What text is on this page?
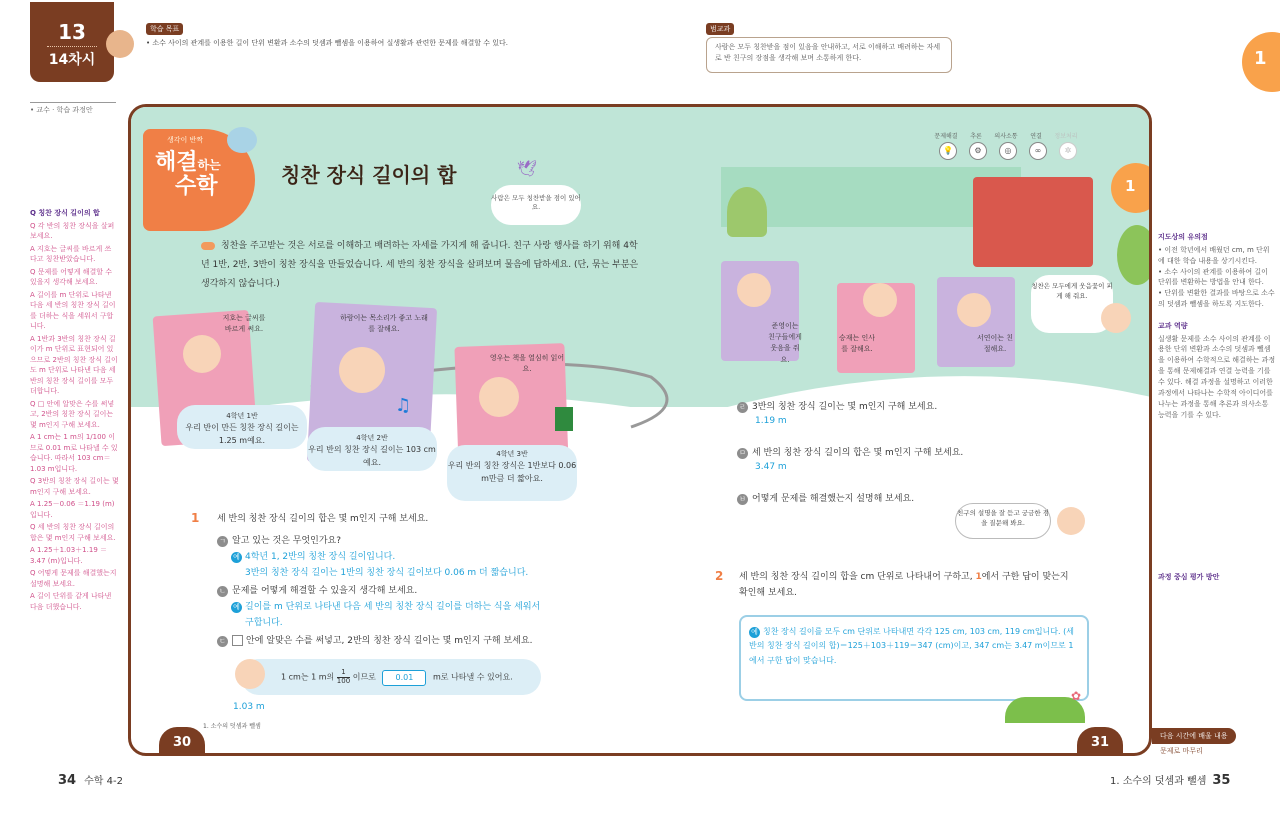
13
14차시
학습 목표
• 소수 사이의 관계를 이용한 길이 단위 변환과 소수의 덧셈과 뺄셈을 이용하여 실생활과 관련한 문제를 해결할 수 있다.
범교과
사람은 모두 칭찬받을 점이 있음을 안내하고, 서로 이해하고 배려하는 자세로 반 친구의 장점을 생각해 보며 소통하게 한다.	1
• 교수 · 학습 과정안
Q 칭찬 장식 길이의 합
Q 각 반의 칭찬 장식을 살펴 보세요.
A 지호는 글씨를 바르게 쓰 다고 칭찬받았습니다.
Q 문제를 어떻게 해결할 수 있을지 생각해 보세요.
A 길이를 m 단위로 나타낸 다음 세 반의 칭찬 장식 길이를 더하는 식을 세워서 구합니다.
A 1반과 3반의 칭찬 장식 길이가 m 단위로 표현되어 있으므로 2반의 칭찬 장식 길이도 m 단위로 나타낸 다음 세 반의 칭찬 장식 길이를 모두 더합니다.
Q □ 안에 알맞은 수를 써넣고, 2반의 칭찬 장식 길이는 몇 m인지 구해 보세요.
A 1 cm는 1 m의 1/100 이므로 0.01 m로 나타낼 수 있습니다. 따라서 103 cm＝1.03 m입니다.
Q 3반의 칭찬 장식 길이는 몇 m인지 구해 보세요.
A 1.25－0.06 ＝1.19 (m)입니다.
Q 세 반의 칭찬 장식 길이의 합은 몇 m인지 구해 보세요.
A 1.25＋1.03＋1.19 ＝3.47 (m)입니다.
Q 어떻게 문제를 해결했는지 설명해 보세요.
A 길이 단위를 같게 나타낸 다음 더했습니다.
생각이 반짝
해결하는
수학	칭찬 장식 길이의 합	🕊
사람은 모두 칭찬받을 점이 있어요.
칭찬을 주고받는 것은 서로를 이해하고 배려하는 자세를 가지게 해 줍니다. 친구 사랑 행사를 하기 위해 4학년 1반, 2반, 3반이 칭찬 장식을 만들었습니다. 세 반의 칭찬 장식을 살펴보며 물음에 답하세요. (단, 묶는 부분은 생각하지 않습니다.)
문제해결
💡
추론
⚙
의사소통
◎
연결
∞
정보처리
✲
1
지호는 글씨를 바르게 써요.
4학년 1반
우리 반이 만든 칭찬 장식 길이는 1.25 m예요.
하람이는 목소리가 좋고 노래를 잘해요.
♫
4학년 2반
우리 반의 칭찬 장식 길이는 103 cm예요.
영우는 책을 열심히 읽어요.
4학년 3반
우리 반의 칭찬 장식은 1반보다 0.06 m만큼 더 짧아요.
준영이는 친구들에게 웃음을 줘요.
승재는 인사를 잘해요.
서연이는 친절해요.
칭찬은 모두에게 웃음꽃이 피게 해 줘요.
1 세 반의 칭찬 장식 길이의 합은 몇 m인지 구해 보세요.
ㄱ 알고 있는 것은 무엇인가요?
예 4학년 1, 2반의 칭찬 장식 길이입니다.
3반의 칭찬 장식 길이는 1반의 칭찬 장식 길이보다 0.06 m 더 짧습니다.
ㄴ 문제를 어떻게 해결할 수 있을지 생각해 보세요.
예 길이를 m 단위로 나타낸 다음 세 반의 칭찬 장식 길이를 더하는 식을 세워서
구합니다.
ㄷ 안에 알맞은 수를 써넣고, 2반의 칭찬 장식 길이는 몇 m인지 구해 보세요.
1 cm는 1 m의 $\frac{1}{100}$ 이므로 0.01 m로 나타낼 수 있어요.
1.03 m
ㄹ 3반의 칭찬 장식 길이는 몇 m인지 구해 보세요.
1.19 m
ㅁ 세 반의 칭찬 장식 길이의 합은 몇 m인지 구해 보세요.
3.47 m
ㅂ 어떻게 문제를 해결했는지 설명해 보세요.
친구의 설명을 잘 듣고 궁금한 점을 질문해 봐요.
2 세 반의 칭찬 장식 길이의 합을 cm 단위로 나타내어 구하고, 1에서 구한 답이 맞는지
확인해 보세요.
예 칭찬 장식 길이를 모두 cm 단위로 나타내면 각각 125 cm, 103 cm, 119 cm입니다. (세 반의 칭찬 장식 길이의 합)＝125＋103＋119＝347 (cm)이고, 347 cm는 3.47 m이므로 1에서 구한 답이 맞습니다.
✿
30
1. 소수의 덧셈과 뺄셈
31
지도상의 유의점
• 이전 학년에서 배웠던 cm, m 단위에 대한 학습 내용을 상기시킨다.
• 소수 사이의 관계를 이용하여 길이 단위를 변환하는 방법을 안내 한다.
• 단위를 변환한 결과를 바탕으로 소수의 덧셈과 뺄셈을 하도록 지도한다.

교과 역량
실생활 문제를 소수 사이의 관계를 이용한 단위 변환과 소수의 덧셈과 뺄셈을 이용하여 수학적으로 해결하는 과정을 통해 문제해결과 연결 능력을 기를 수 있다. 해결 과정을 설명하고 이러한 과정에서 나타나는 수학적 아이디어를 나누는 과정을 통해 추론과 의사소통 능력을 기를 수 있다.
과정 중심 평가 방안
다음 시간에 배울 내용
문제로 마무리
34 수학 4-2	1. 소수의 덧셈과 뺄셈 35
